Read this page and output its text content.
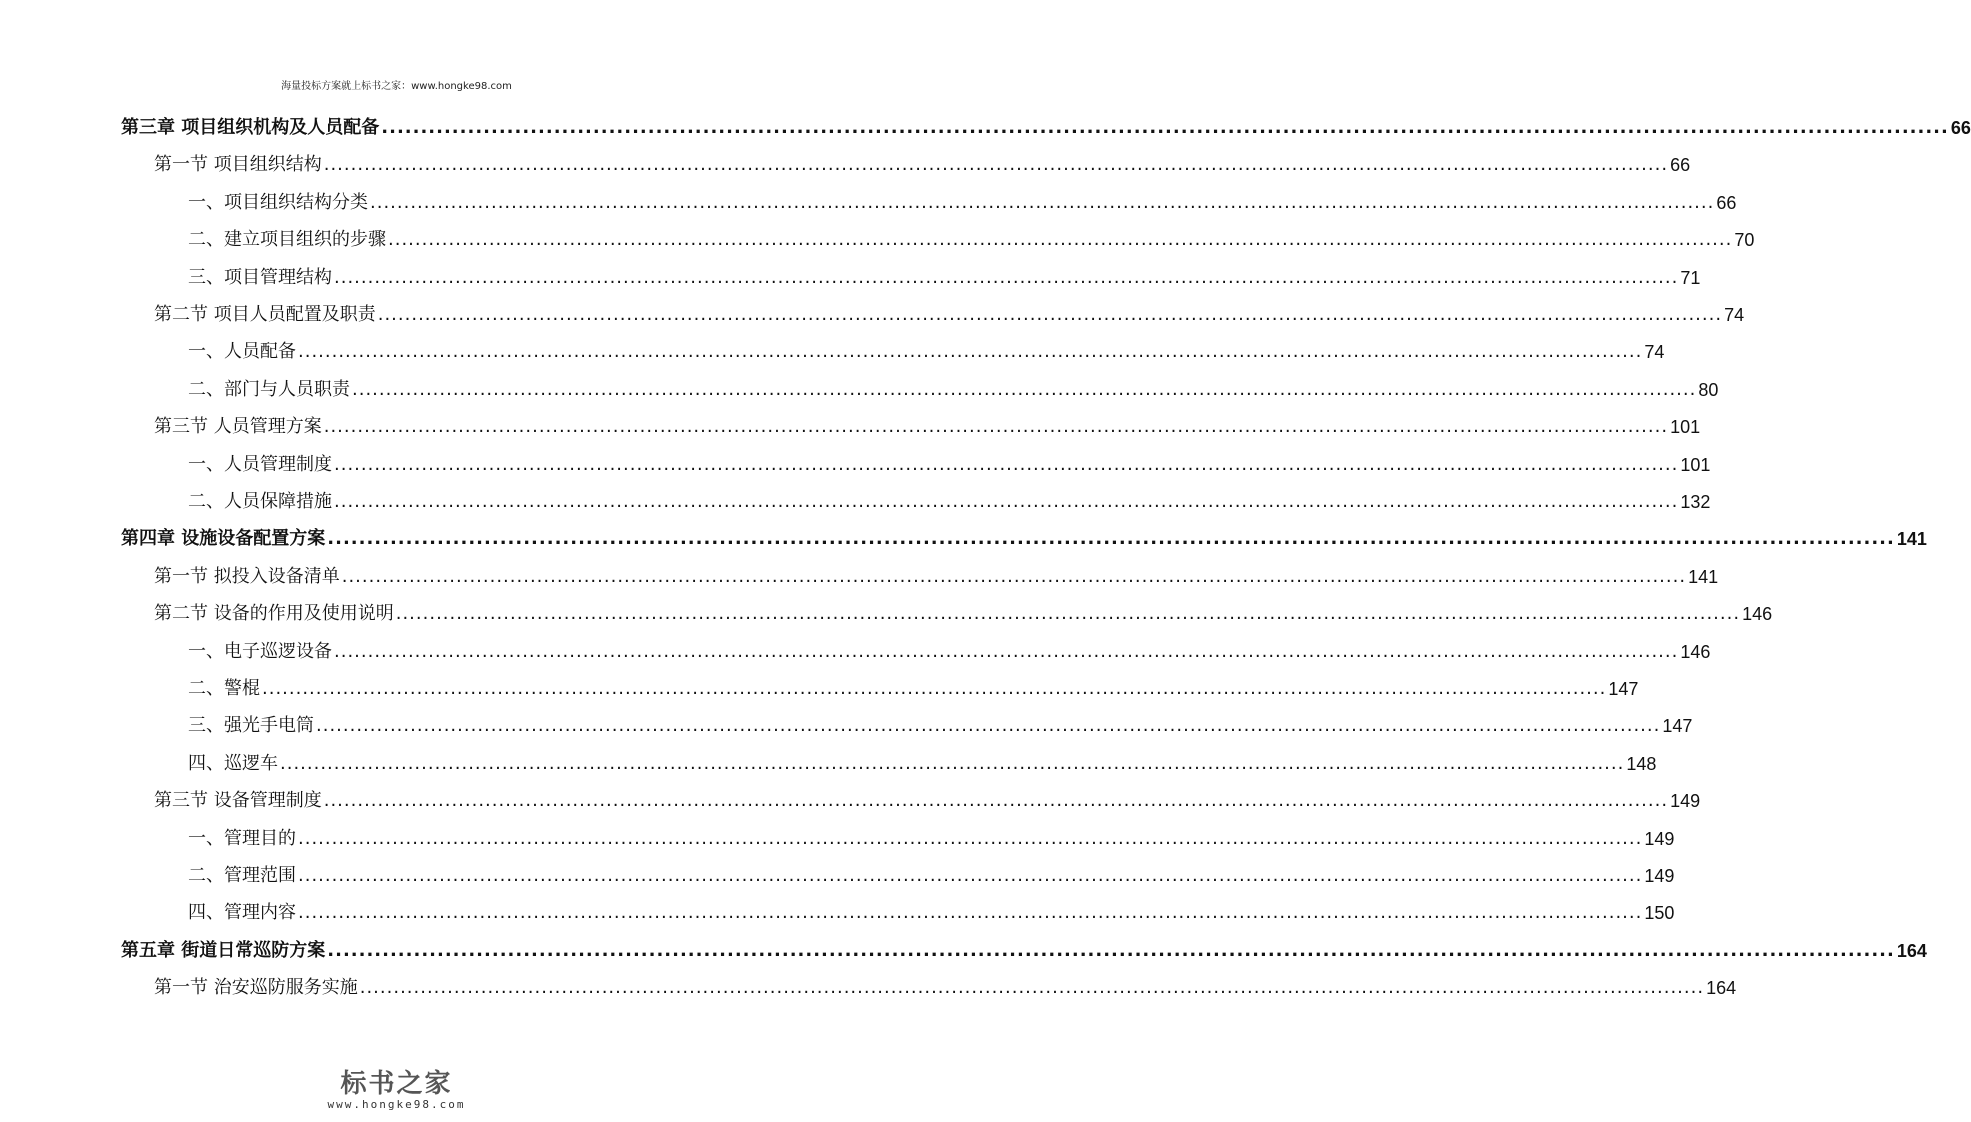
海量投标方案就上标书之家：www.hongke98.com
第三章 项目组织机构及人员配备 ........................................................................................................................................................................................................ 66
第一节 项目组织结构 ........................................................................................................................................................................................................ 66
一、项目组织结构分类 ........................................................................................................................................................................................................ 66
二、建立项目组织的步骤 ........................................................................................................................................................................................................ 70
三、项目管理结构 ........................................................................................................................................................................................................ 71
第二节 项目人员配置及职责 ........................................................................................................................................................................................................ 74
一、人员配备 ........................................................................................................................................................................................................ 74
二、部门与人员职责 ........................................................................................................................................................................................................ 80
第三节 人员管理方案 ........................................................................................................................................................................................................ 101
一、人员管理制度 ........................................................................................................................................................................................................ 101
二、人员保障措施 ........................................................................................................................................................................................................ 132
第四章 设施设备配置方案 ........................................................................................................................................................................................................ 141
第一节 拟投入设备清单 ........................................................................................................................................................................................................ 141
第二节 设备的作用及使用说明 ........................................................................................................................................................................................................ 146
一、电子巡逻设备 ........................................................................................................................................................................................................ 146
二、警棍 ........................................................................................................................................................................................................ 147
三、强光手电筒 ........................................................................................................................................................................................................ 147
四、巡逻车 ........................................................................................................................................................................................................ 148
第三节 设备管理制度 ........................................................................................................................................................................................................ 149
一、管理目的 ........................................................................................................................................................................................................ 149
二、管理范围 ........................................................................................................................................................................................................ 149
四、管理内容 ........................................................................................................................................................................................................ 150
第五章 街道日常巡防方案 ........................................................................................................................................................................................................ 164
第一节 治安巡防服务实施 ........................................................................................................................................................................................................ 164
标书之家
www.hongke98.com
